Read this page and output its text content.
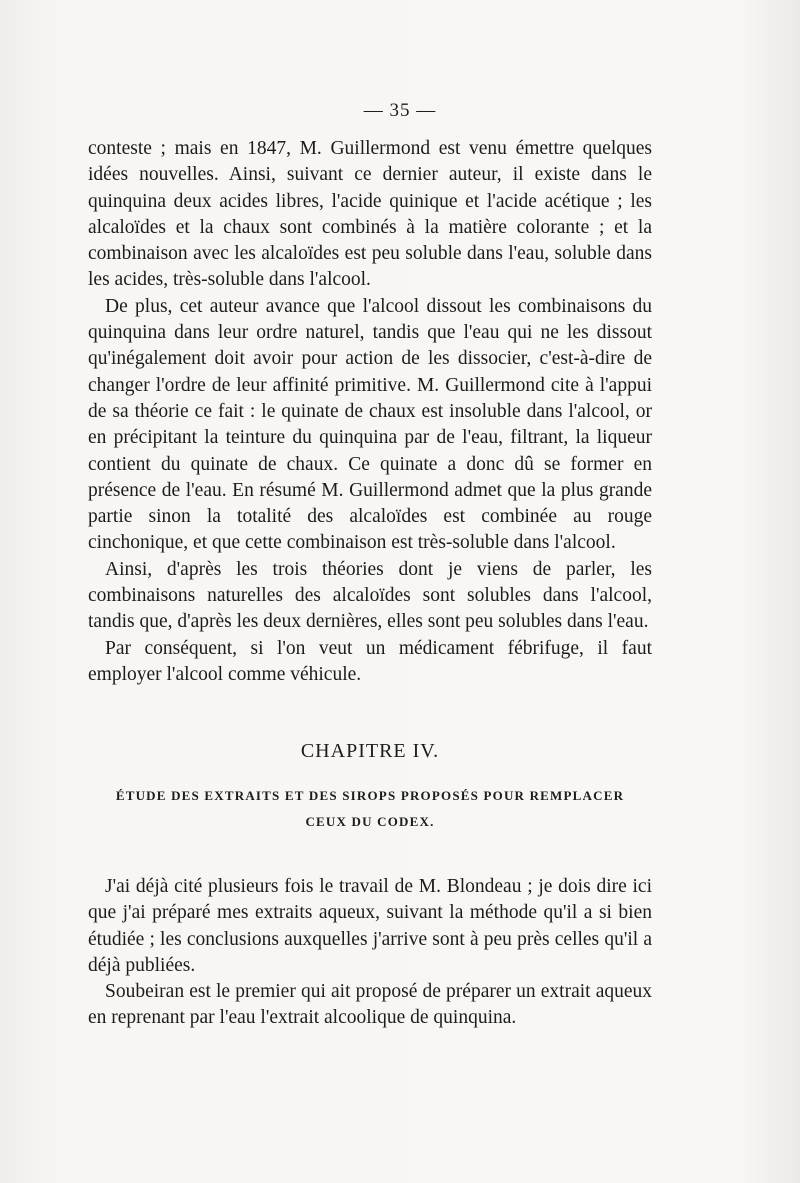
— 35 —

conteste ; mais en 1847, M. Guillermond est venu émettre quelques idées nouvelles. Ainsi, suivant ce dernier auteur, il existe dans le quinquina deux acides libres, l'acide quinique et l'acide acétique ; les alcaloïdes et la chaux sont combinés à la matière colorante ; et la combinaison avec les alcaloïdes est peu soluble dans l'eau, soluble dans les acides, très-soluble dans l'alcool.

De plus, cet auteur avance que l'alcool dissout les combinaisons du quinquina dans leur ordre naturel, tandis que l'eau qui ne les dissout qu'inégalement doit avoir pour action de les dissocier, c'est-à-dire de changer l'ordre de leur affinité primitive. M. Guillermond cite à l'appui de sa théorie ce fait : le quinate de chaux est insoluble dans l'alcool, or en précipitant la teinture du quinquina par de l'eau, filtrant, la liqueur contient du quinate de chaux. Ce quinate a donc dû se former en présence de l'eau. En résumé M. Guillermond admet que la plus grande partie sinon la totalité des alcaloïdes est combinée au rouge cinchonique, et que cette combinaison est très-soluble dans l'alcool.

Ainsi, d'après les trois théories dont je viens de parler, les combinaisons naturelles des alcaloïdes sont solubles dans l'alcool, tandis que, d'après les deux dernières, elles sont peu solubles dans l'eau.

Par conséquent, si l'on veut un médicament fébrifuge, il faut employer l'alcool comme véhicule.

CHAPITRE IV.
ÉTUDE DES EXTRAITS ET DES SIROPS PROPOSÉS POUR REMPLACER
CEUX DU CODEX.

J'ai déjà cité plusieurs fois le travail de M. Blondeau ; je dois dire ici que j'ai préparé mes extraits aqueux, suivant la méthode qu'il a si bien étudiée ; les conclusions auxquelles j'arrive sont à peu près celles qu'il a déjà publiées.

Soubeiran est le premier qui ait proposé de préparer un extrait aqueux en reprenant par l'eau l'extrait alcoolique de quinquina.
